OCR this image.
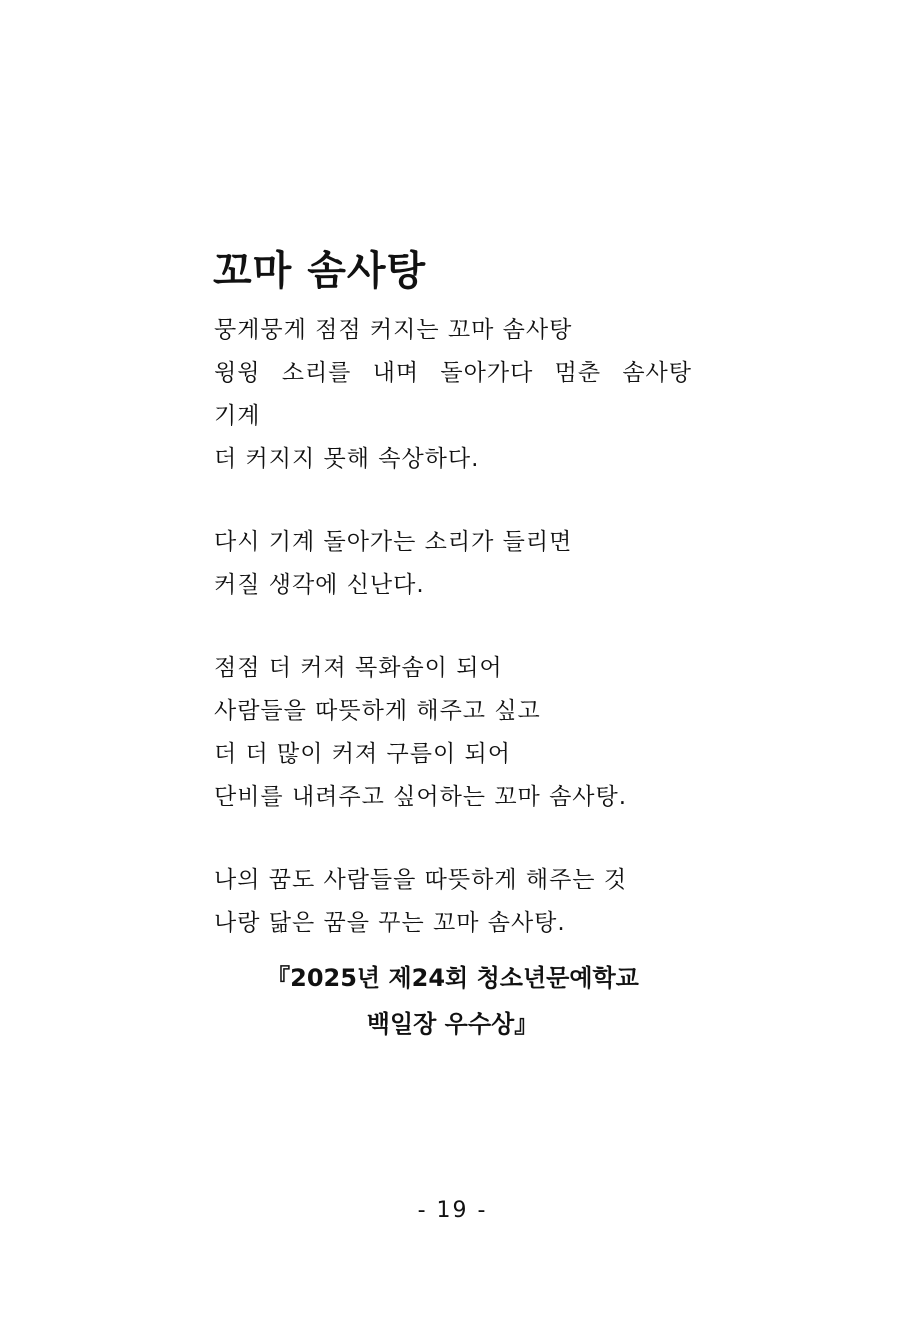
꼬마 솜사탕
뭉게뭉게 점점 커지는 꼬마 솜사탕
윙윙 소리를 내며 돌아가다 멈춘 솜사탕
기계
더 커지지 못해 속상하다.
다시 기계 돌아가는 소리가 들리면
커질 생각에 신난다.
점점 더 커져 목화솜이 되어
사람들을 따뜻하게 해주고 싶고
더 더 많이 커져 구름이 되어
단비를 내려주고 싶어하는 꼬마 솜사탕.
나의 꿈도 사람들을 따뜻하게 해주는 것
나랑 닮은 꿈을 꾸는 꼬마 솜사탕.
『2025년 제24회 청소년문예학교
백일장 우수상』
- 19 -
